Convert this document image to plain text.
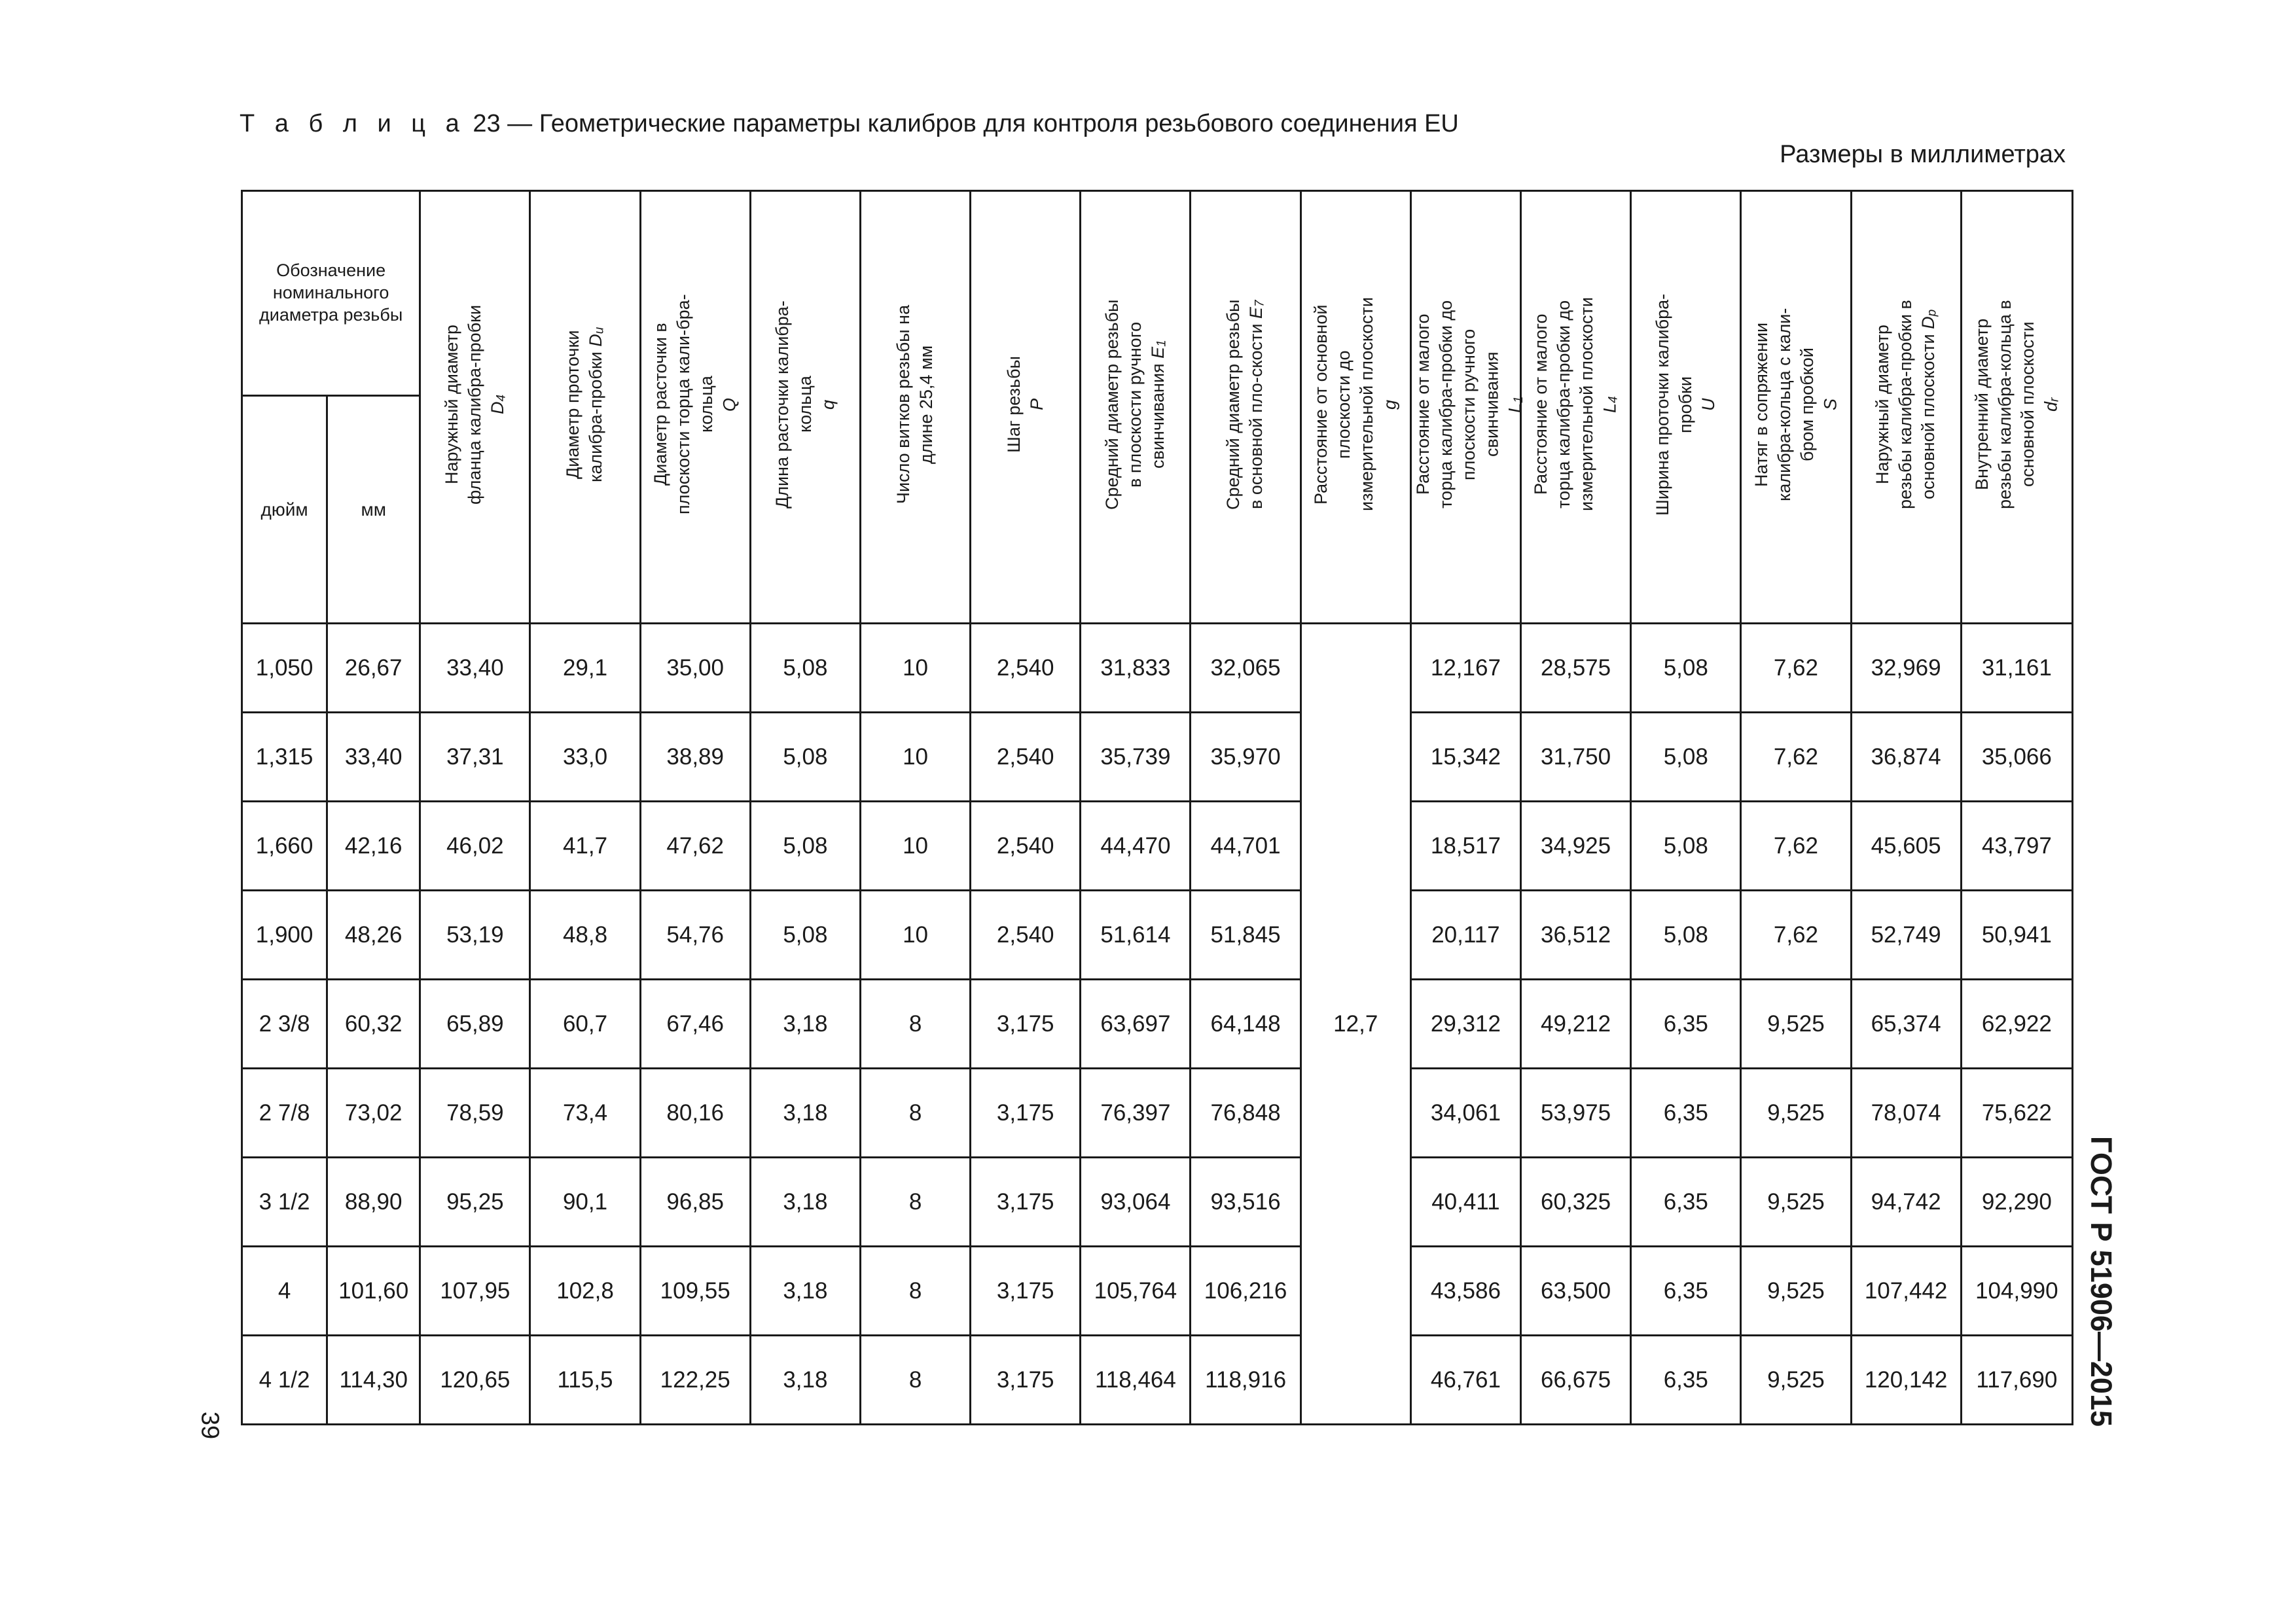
Т а б л и ц а 23 — Геометрические параметры калибров для контроля резьбового соединения EU
Размеры в миллиметрах
Обозначение номинального диаметра резьбы		Наружный диаметр фланца калибра-пробки $D_4$	Диаметр проточки калибра-пробки $D_u$	Диаметр расточки в плоскости торца кали-бра-кольца Q	Длина расточки калибра-кольца q	Число витков резьбы на длине 25,4 мм	Шаг резьбы P	Средний диаметр резьбы в плоскости ручного свинчивания $E_1$	Средний диаметр резьбы в основной пло-скости $E_7$	Расстояние от основной плоскости до измерительной плоскости g	Расстояние от малого торца калибра-пробки до плоскости ручного свинчивания $L_1$	Расстояние от малого торца калибра-пробки до измерительной плоскости $L_4$	Ширина проточки калибра-пробки U	Натяг в сопряжении калибра-кольца с кали-бром пробкой S	Наружный диаметр резьбы калибра-пробки в основной плоскости $D_p$	Внутренний диаметр резьбы калибра-кольца в основной плоскости $d_r$
дюйм	мм															
1,050	26,67	33,40	29,1	35,00	5,08	10	2,540	31,833	32,065	12,7	12,167	28,575	5,08	7,62	32,969	31,161
1,315	33,40	37,31	33,0	38,89	5,08	10	2,540	35,739	35,970		15,342	31,750	5,08	7,62	36,874	35,066
1,660	42,16	46,02	41,7	47,62	5,08	10	2,540	44,470	44,701		18,517	34,925	5,08	7,62	45,605	43,797
1,900	48,26	53,19	48,8	54,76	5,08	10	2,540	51,614	51,845		20,117	36,512	5,08	7,62	52,749	50,941
2 3/8	60,32	65,89	60,7	67,46	3,18	8	3,175	63,697	64,148		29,312	49,212	6,35	9,525	65,374	62,922
2 7/8	73,02	78,59	73,4	80,16	3,18	8	3,175	76,397	76,848		34,061	53,975	6,35	9,525	78,074	75,622
3 1/2	88,90	95,25	90,1	96,85	3,18	8	3,175	93,064	93,516		40,411	60,325	6,35	9,525	94,742	92,290
4	101,60	107,95	102,8	109,55	3,18	8	3,175	105,764	106,216		43,586	63,500	6,35	9,525	107,442	104,990
4 1/2	114,30	120,65	115,5	122,25	3,18	8	3,175	118,464	118,916		46,761	66,675	6,35	9,525	120,142	117,690 ГОСТ Р 51906—2015
39
